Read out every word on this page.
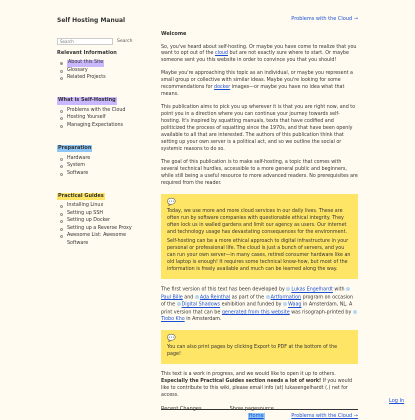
Self Hosting Manual
Search
Search
Relevant Information
About this Site
Glossary
Related Projects
What is Self-Hosting
Problems with the Cloud
Hosting Yourself
Managing Expectations
Preparation
Hardware
System
Software
Practical Guides
Installing Linux
Setting up SSH
Setting up Docker
Setting up a Reverse Proxy
Awesome List: Awesome
Software
Problems with the Cloud →
Welcome

So, you've heard about self-hosting. Or maybe you have come to realize that you want to opt out of the cloud but are not exactly sure where to start. Or maybe someone sent you this website in order to convince you that you should!

Maybe you're approaching this topic as an individual, or maybe you represent a small group or collective with similar ideas. Maybe you're looking for some recommendations for docker images—or maybe you have no idea what that means.

This publication aims to pick you up wherever it is that you are right now, and to point you in a direction where you can continue your journey towards self-hosting. It's inspired by squatting manuals, texts that have codified and politicized the process of squatting since the 1970s, and that have been openly available to all that are interested. The authors of this publication think that setting up your own server is a political act, and so we outline the social or systemic reasons to do so.

The goal of this publication is to make self-hosting, a topic that comes with several technical hurdles, accessible to a more general public and beginners, while still being a useful resource to more advanced readers. No prerequisites are required from the reader.

💬

Today, we use more and more cloud services in our daily lives. These are often run by software companies with questionable ethical integrity. They often lock us in walled gardens and limit our agency as users. Our internet and technology usage has devastating consequences for the environment.

Self-hosting can be a more ethical approach to digital infrastructure in your personal or professional life. The cloud is just a bunch of servers, and you can run your own server—in many cases, retired consumer hardware like an old laptop is enough! It requires some technical know-how, but most of the information is freely available and much can be learned along the way.

The first version of this text has been developed by Lukas Engelhardt with Paul Bille and Ada Reinthal as part of the Artformation program on occasion of the Digital Shadows exhibition and funded by Waag in Amsterdam, NL. A print version that can be generated from this website was risograph-printed by Tiobo Kho in Amsterdam.

💬

You can also print pages by clicking Export to PDF at the bottom of the page!

This text is a work in progress, and we would like to open it up to others. Especially the Practical Guides section needs a lot of work! If you would like to contribute to this wiki, please email info (at) lukasengelhardt (.) net for access.

Home	Problems with the Cloud →
Log In
Recent Changes	Show pagesource
